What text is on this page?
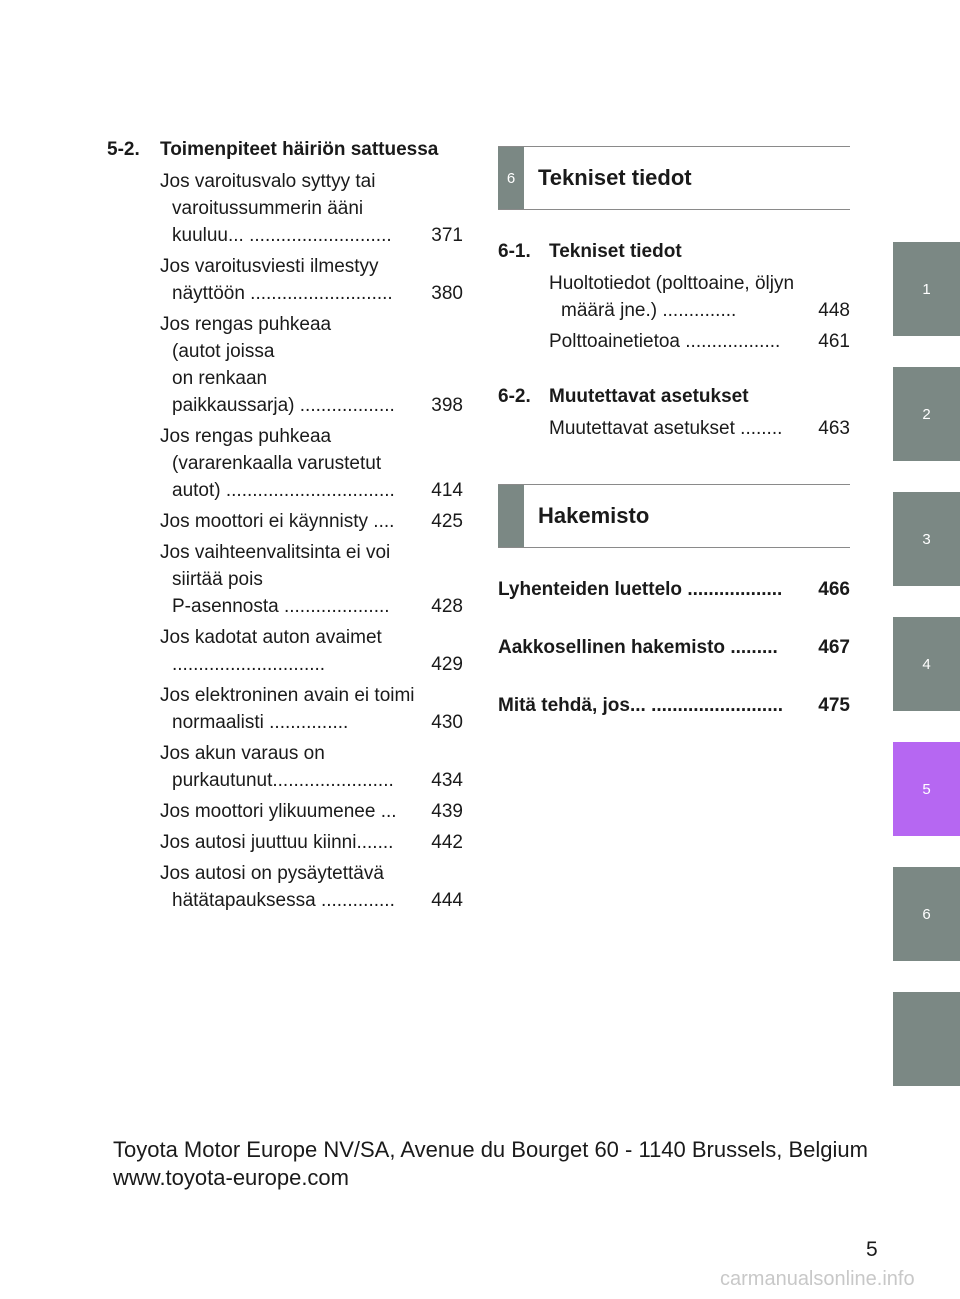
5-2.	Toimenpiteet häiriön sattuessa
Jos varoitusvalo syttyy tai varoitussummerin ääni kuuluu... ...........................	371
Jos varoitusviesti ilmestyy näyttöön ...........................	380
Jos rengas puhkeaa
(autot joissa
on renkaan
paikkaussarja) ..................	398
Jos rengas puhkeaa (vararenkaalla varustetut autot) ................................	414
Jos moottori ei käynnisty ....	425
Jos vaihteenvalitsinta ei voi siirtää pois
P-asennosta ....................	428
Jos kadotat auton avaimet .............................	429
Jos elektroninen avain ei toimi normaalisti ...............	430
Jos akun varaus on purkautunut.......................	434
Jos moottori ylikuumenee ...	439
Jos autosi juuttuu kiinni.......	442
Jos autosi on pysäytettävä hätätapauksessa ..............	444
6	Tekniset tiedot
6-1. Tekniset tiedot
Huoltotiedot (polttoaine, öljyn määrä jne.) ..............	448
Polttoainetietoa ..................	461
6-2. Muutettavat asetukset
Muutettavat asetukset ........	463
Hakemisto
Lyhenteiden luettelo ..................	466
Aakkosellinen hakemisto .........	467
Mitä tehdä, jos... .........................	475
1
2
3
4
5
6
Toyota Motor Europe NV/SA, Avenue du Bourget 60 - 1140 Brussels, Belgium www.toyota-europe.com
5
carmanualsonline.info
